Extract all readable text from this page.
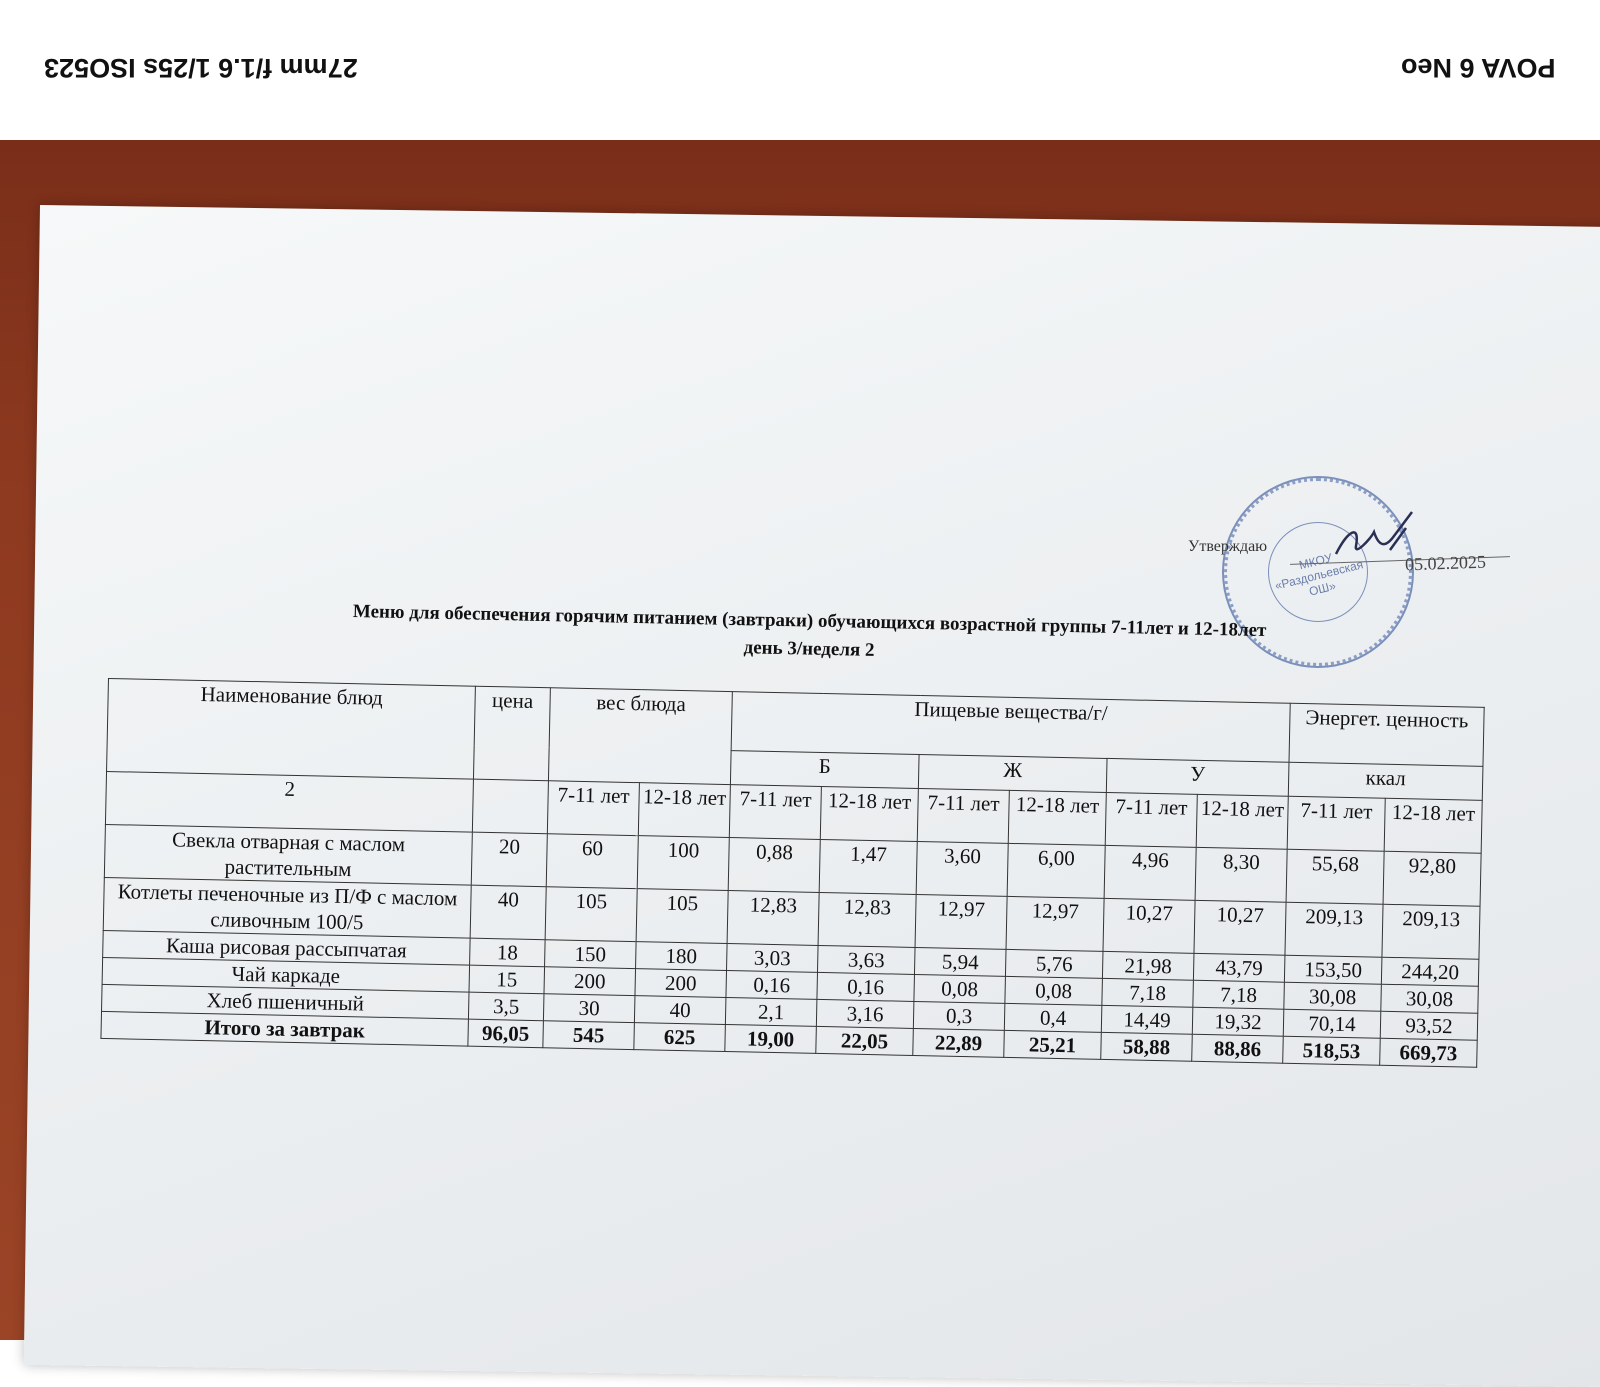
27mm f/1.6 1/25s ISO523	POVA 6 Neo
МКОУ «Раздольевская ОШ»
Утверждаю
05.02.2025
Меню для обеспечения горячим питанием (завтраки) обучающихся возрастной группы 7-11лет и 12-18лет
день 3/неделя 2
Наименование блюд	цена	вес блюда		Пищевые вещества/г/						Энергет. ценность	
				Б		Ж		У		ккал	
2		7-11 лет	12-18 лет	7-11 лет	12-18 лет	7-11 лет	12-18 лет	7-11 лет	12-18 лет	7-11 лет	12-18 лет
Свекла отварная с маслом растительным	20	60	100	0,88	1,47	3,60	6,00	4,96	8,30	55,68	92,80
Котлеты печеночные из П/Ф с маслом сливочным 100/5	40	105	105	12,83	12,83	12,97	12,97	10,27	10,27	209,13	209,13
Каша рисовая рассыпчатая	18	150	180	3,03	3,63	5,94	5,76	21,98	43,79	153,50	244,20
Чай каркаде	15	200	200	0,16	0,16	0,08	0,08	7,18	7,18	30,08	30,08
Хлеб пшеничный	3,5	30	40	2,1	3,16	0,3	0,4	14,49	19,32	70,14	93,52
Итого за завтрак	96,05	545	625	19,00	22,05	22,89	25,21	58,88	88,86	518,53	669,73
